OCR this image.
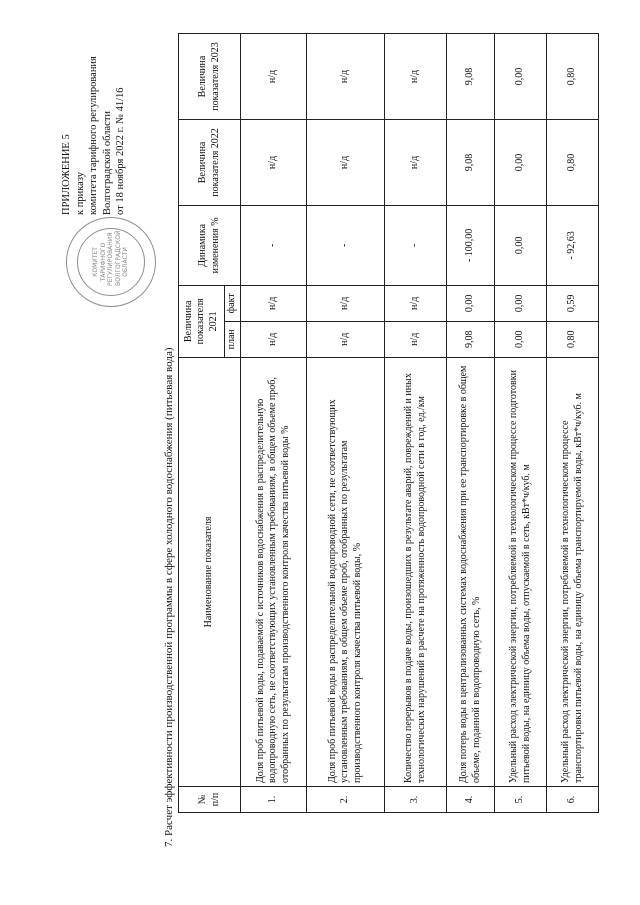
КОМИТЕТ ТАРИФНОГО РЕГУЛИРОВАНИЯ ВОЛГОГРАДСКОЙ ОБЛАСТИ
ПРИЛОЖЕНИЕ 5 к приказу комитета тарифного регулирования Волгоградской области от 18 ноября 2022 г. № 41/16
7. Расчет эффективности производственной программы в сфере холодного водоснабжения (питьевая вода) № п/п	Наименование показателя	Величина показателя 2021		Динамика изменения %	Величина показателя 2022	Величина показателя 2023
		план	факт			
1.	Доля проб питьевой воды, подаваемой с источников водоснабжения в распределительную водопроводную сеть, не соответствующих установленным требованиям, в общем объеме проб, отобранных по результатам производственного контроля качества питьевой воды %	н/д	н/д	-	н/д	н/д
2.	Доля проб питьевой воды в распределительной водопроводной сети, не соответствующих установленным требованиям, в общем объеме проб, отобранных по результатам производственного контроля качества питьевой воды, %	н/д	н/д	-	н/д	н/д
3.	Количество перерывов в подаче воды, произошедших в результате аварий, повреждений и иных технологических нарушений в расчете на протяженность водопроводной сети в год, ед./км	н/д	н/д	-	н/д	н/д
4.	Доля потерь воды в централизованных системах водоснабжения при ее транспортировке в общем объеме, поданной в водопроводную сеть, %	9,08	0,00	- 100,00	9,08	9,08
5.	Удельный расход электрической энергии, потребляемой в технологическом процессе подготовки питьевой воды, на единицу объема воды, отпускаемой в сеть, кВт*ч/куб. м	0,00	0,00	0,00	0,00	0,00
6.	Удельный расход электрической энергии, потребляемой в технологическом процессе транспортировки питьевой воды, на единицу объема транспортируемой воды, кВт*ч/куб. м	0,80	0,59	- 92,63	0,80	0,80
